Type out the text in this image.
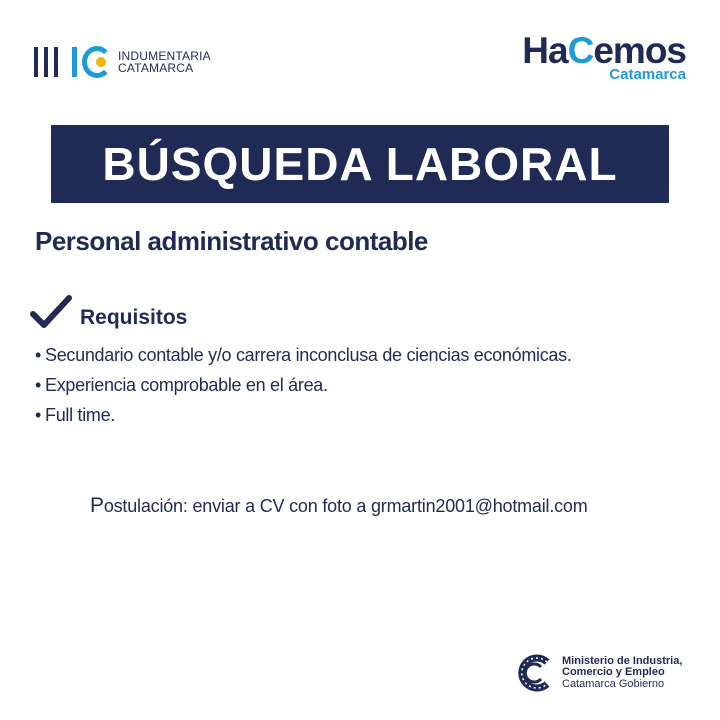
INDUMENTARIA
CATAMARCA	HaCemos
Catamarca
BÚSQUEDA LABORAL
Personal administrativo contable
Requisitos
• Secundario contable y/o carrera inconclusa de ciencias económicas.
• Experiencia comprobable en el área.
• Full time.
Postulación: enviar a CV con foto a grmartin2001@hotmail.com
Ministerio de Industria,
Comercio y Empleo
Catamarca Gobierno
